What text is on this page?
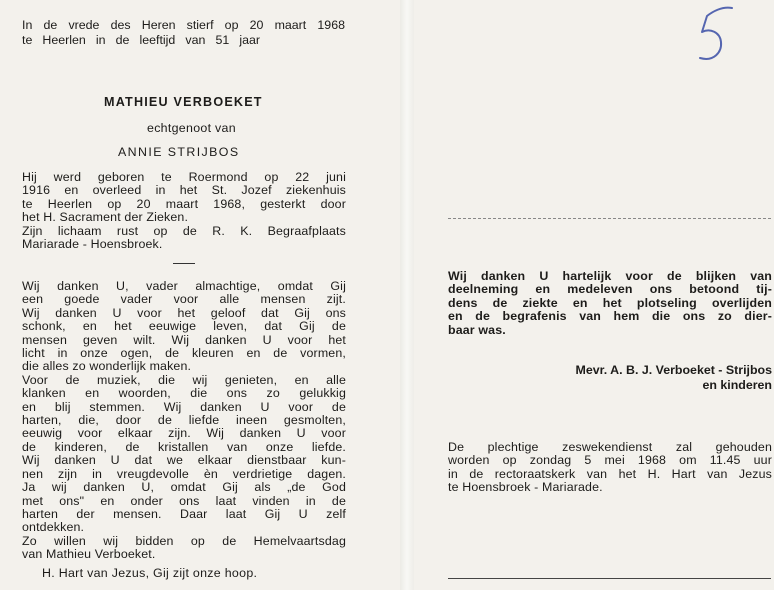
In de vrede des Heren stierf op 20 maart 1968

te Heerlen in de leeftijd van 51 jaar

MATHIEU VERBOEKET
echtgenoot van
ANNIE STRIJBOS

Hij werd geboren te Roermond op 22 juni

1916 en overleed in het St. Jozef ziekenhuis

te Heerlen op 20 maart 1968, gesterkt door

het H. Sacrament der Zieken.

Zijn lichaam rust op de R. K. Begraafplaats

Mariarade - Hoensbroek.

Wij danken U, vader almachtige, omdat Gij

een goede vader voor alle mensen zijt.

Wij danken U voor het geloof dat Gij ons

schonk, en het eeuwige leven, dat Gij de

mensen geven wilt. Wij danken U voor het

licht in onze ogen, de kleuren en de vormen,

die alles zo wonderlijk maken.

Voor de muziek, die wij genieten, en alle

klanken en woorden, die ons zo gelukkig

en blij stemmen. Wij danken U voor de

harten, die, door de liefde ineen gesmolten,

eeuwig voor elkaar zijn. Wij danken U voor

de kinderen, de kristallen van onze liefde.

Wij danken U dat we elkaar dienstbaar kun-

nen zijn in vreugdevolle èn verdrietige dagen.

Ja wij danken U, omdat Gij als „de God

met ons" en onder ons laat vinden in de

harten der mensen. Daar laat Gij U zelf

ontdekken.

Zo willen wij bidden op de Hemelvaartsdag

van Mathieu Verboeket.

H. Hart van Jezus, Gij zijt onze hoop.

Wij danken U hartelijk voor de blijken van

deelneming en medeleven ons betoond tij-

dens de ziekte en het plotseling overlijden

en de begrafenis van hem die ons zo dier-

baar was.

Mevr. A. B. J. Verboeket - Strijbos
en kinderen

De plechtige zeswekendienst zal gehouden

worden op zondag 5 mei 1968 om 11.45 uur

in de rectoraatskerk van het H. Hart van Jezus

te Hoensbroek - Mariarade.
